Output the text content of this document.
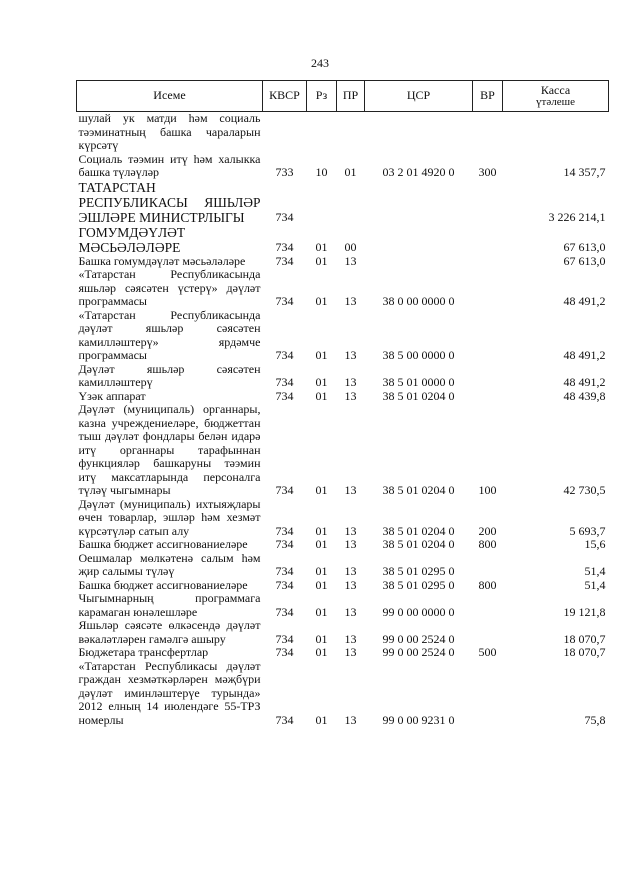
243
Исеме	КВСР	Рз	ПР	ЦСР	ВР	Касса

үтәлеше

шулай ук матди һәм социаль тәэминатның башка чараларын күрсәтү						
Социаль тәэмин итү һәм халыкка башка түләүләр	733	10	01	03 2 01 4920 0	300	14 357,7
ТАТАРСТАН РЕСПУБЛИКАСЫ ЯШЬЛӘР ЭШЛӘРЕ МИНИСТРЛЫГЫ	734					3 226 214,1
ГОМУМДӘҮЛӘТ МӘСЬӘЛӘЛӘРЕ	734	01	00			67 613,0
Башка гомумдәүләт мәсьәләләре	734	01	13			67 613,0
«Татарстан Республикасында яшьләр сәясәтен үстерү» дәүләт программасы	734	01	13	38 0 00 0000 0		48 491,2
«Татарстан Республикасында дәүләт яшьләр сәясәтен камилләштерү» ярдәмче программасы	734	01	13	38 5 00 0000 0		48 491,2
Дәүләт яшьләр сәясәтен камилләштерү	734	01	13	38 5 01 0000 0		48 491,2
Үзәк аппарат	734	01	13	38 5 01 0204 0		48 439,8
Дәүләт (муниципаль) органнары, казна учреждениеләре, бюджеттан тыш дәүләт фондлары белән идарә итү органнары тарафыннан функцияләр башкаруны тәэмин итү максатларында персоналга түләү чыгымнары	734	01	13	38 5 01 0204 0	100	42 730,5
Дәүләт (муниципаль) ихтыяҗлары өчен товарлар, эшләр һәм хезмәт күрсәтүләр сатып алу	734	01	13	38 5 01 0204 0	200	5 693,7
Башка бюджет ассигнованиеләре	734	01	13	38 5 01 0204 0	800	15,6
Оешмалар мөлкәтенә салым һәм җир салымы түләү	734	01	13	38 5 01 0295 0		51,4
Башка бюджет ассигнованиеләре	734	01	13	38 5 01 0295 0	800	51,4
Чыгымнарның программага карамаган юнәлешләре	734	01	13	99 0 00 0000 0		19 121,8
Яшьләр сәясәте өлкәсендә дәүләт вәкаләтләрен гамәлгә ашыру	734	01	13	99 0 00 2524 0		18 070,7
Бюджетара трансфертлар	734	01	13	99 0 00 2524 0	500	18 070,7
«Татарстан Республикасы дәүләт граждан хезмәткәрләрен мәҗбүри дәүләт иминләштерүе турында» 2012 елның 14 июлендәге 55-ТРЗ номерлы	734	01	13	99 0 00 9231 0		75,8
